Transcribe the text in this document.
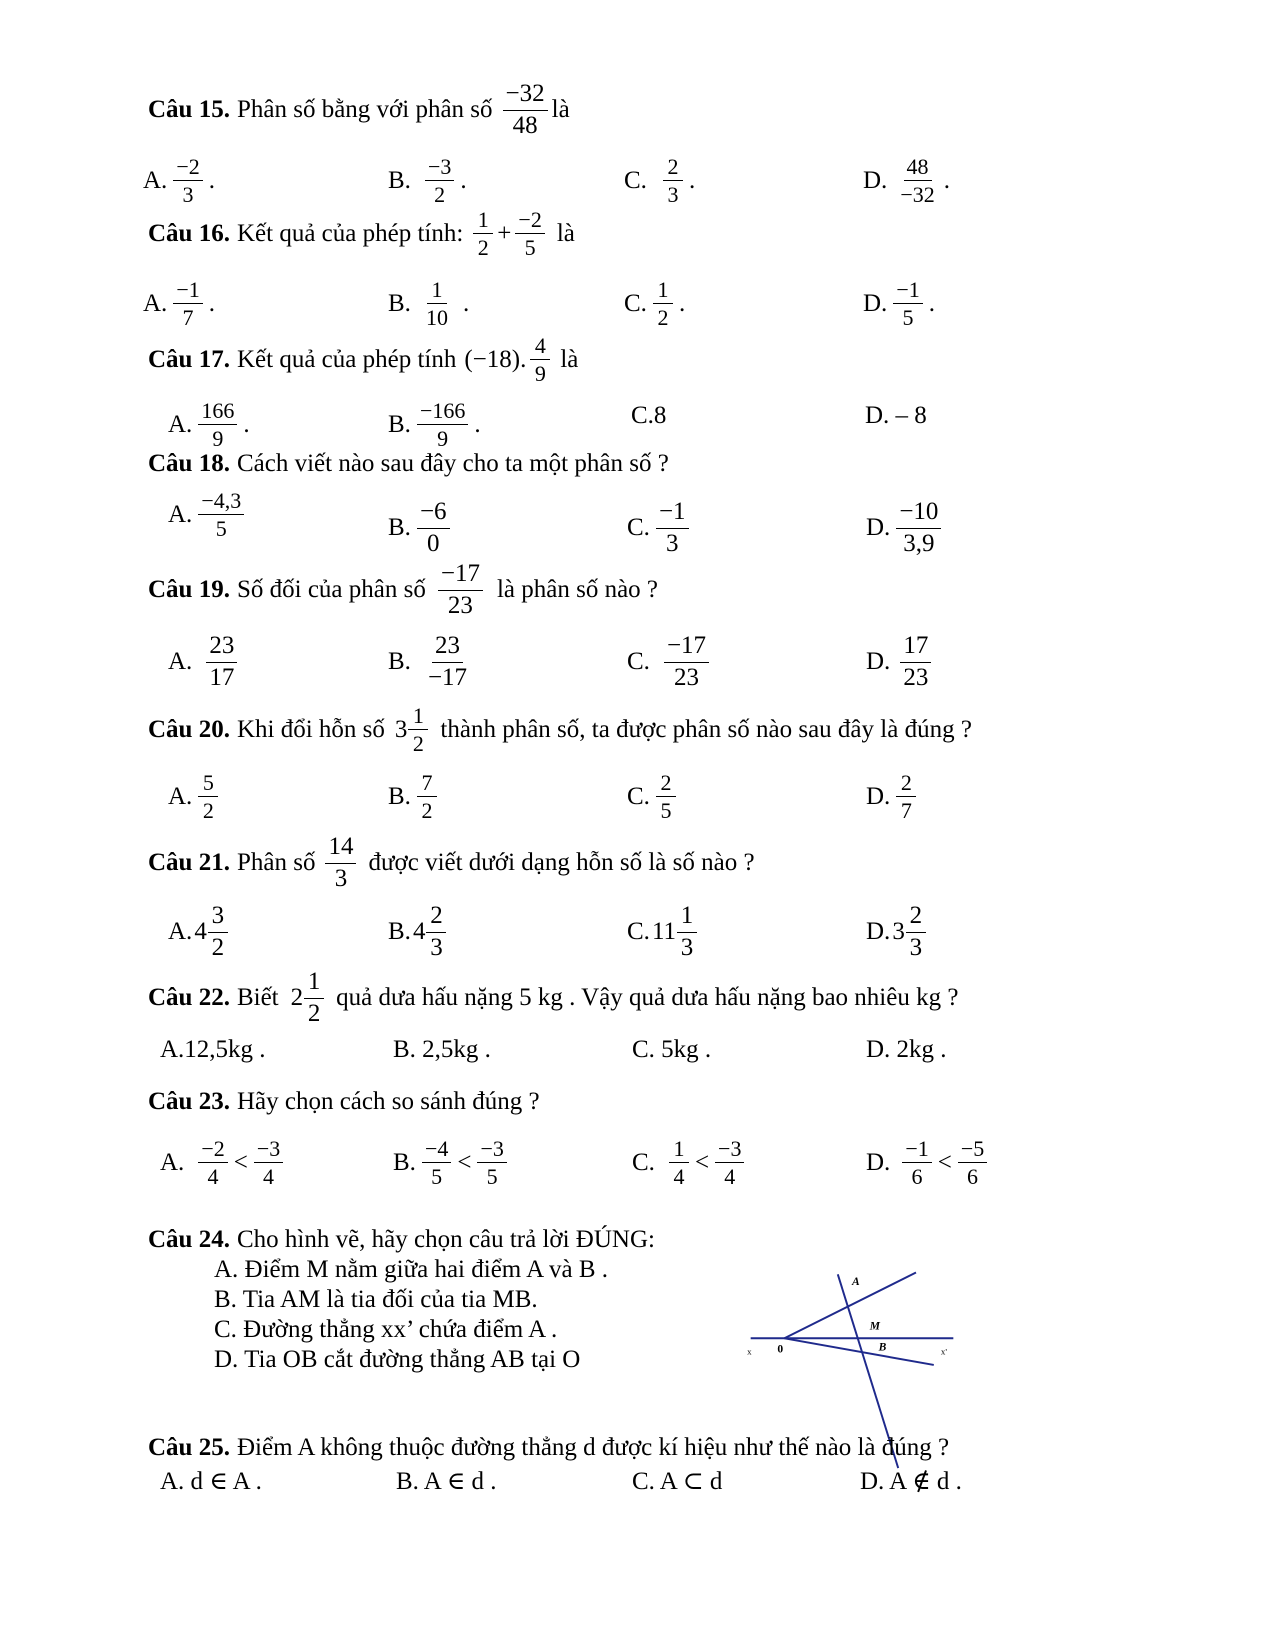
Câu 15. Phân số bằng với phân số $\frac{-32}{48}$ là
A. $\frac{-2}{3}$ .	B. $\frac{-3}{2}$ .	C. $\frac{2}{3}$ .	D. $\frac{48}{-32}$ .
Câu 16. Kết quả của phép tính: $\frac{1}{2} + \frac{-2}{5}$ là
A. $\frac{-1}{7}$ .	B. $\frac{1}{10}$ .	C. $\frac{1}{2}$ .	D. $\frac{-1}{5}$ .
Câu 17. Kết quả của phép tính (−18). $\frac{4}{9}$ là
A. $\frac{166}{9}$ .	B. $\frac{-166}{9}$ .	C.8	D. – 8
Câu 18. Cách viết nào sau đây cho ta một phân số ?
A. $\frac{-4,3}{5}$	B. $\frac{-6}{0}$	C. $\frac{-1}{3}$	D. $\frac{-10}{3,9}$
Câu 19. Số đối của phân số $\frac{-17}{23}$ là phân số nào ?
A. $\frac{23}{17}$	B. $\frac{23}{-17}$	C. $\frac{-17}{23}$	D. $\frac{17}{23}$
Câu 20. Khi đổi hỗn số $3 \frac{1}{2}$ thành phân số, ta được phân số nào sau đây là đúng ?
A. $\frac{5}{2}$	B. $\frac{7}{2}$	C. $\frac{2}{5}$	D. $\frac{2}{7}$
Câu 21. Phân số $\frac{14}{3}$ được viết dưới dạng hỗn số là số nào ?
A. $4 \frac{3}{2}$	B. $4 \frac{2}{3}$	C. $11 \frac{1}{3}$	D. $3 \frac{2}{3}$
Câu 22. Biết $2 \frac{1}{2}$ quả dưa hấu nặng 5 kg . Vậy quả dưa hấu nặng bao nhiêu kg ?
A.12,5kg .	B. 2,5kg .	C. 5kg .	D. 2kg .
Câu 23. Hãy chọn cách so sánh đúng ?
A. $\frac{-2}{4} < \frac{-3}{4}$	B. $\frac{-4}{5} < \frac{-3}{5}$	C. $\frac{1}{4} < \frac{-3}{4}$	D. $\frac{-1}{6} < \frac{-5}{6}$
Câu 24. Cho hình vẽ, hãy chọn câu trả lời ĐÚNG:
A. Điểm M nằm giữa hai điểm A và B .
B. Tia AM là tia đối của tia MB.
C. Đường thẳng xx’ chứa điểm A .
D. Tia OB cắt đường thẳng AB tại O
A
M
B
0
x	x'
Câu 25. Điểm A không thuộc đường thẳng d được kí hiệu như thế nào là đúng ?
A. d ∈ A .	B. A ∈ d .	C. A ⊂ d	D. A ∉ d .
